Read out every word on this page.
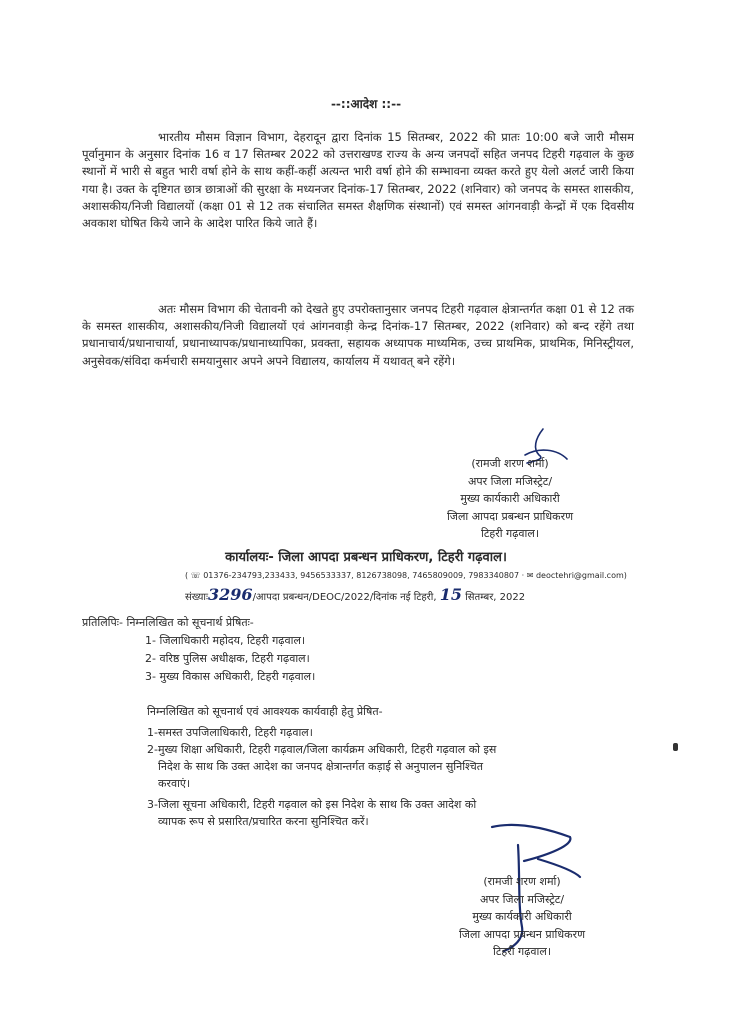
--::आदेश ::--

भारतीय मौसम विज्ञान विभाग, देहरादून द्वारा दिनांक 15 सितम्बर, 2022 की प्रातः 10:00 बजे जारी मौसम पूर्वानुमान के अनुसार दिनांक 16 व 17 सितम्बर 2022 को उत्तराखण्ड राज्य के अन्य जनपदों सहित जनपद टिहरी गढ़वाल के कुछ स्थानों में भारी से बहुत भारी वर्षा होने के साथ कहीं-कहीं अत्यन्त भारी वर्षा होने की सम्भावना व्यक्त करते हुए येलो अलर्ट जारी किया गया है। उक्त के दृष्टिगत छात्र छात्राओं की सुरक्षा के मध्यनजर दिनांक-17 सितम्बर, 2022 (शनिवार) को जनपद के समस्त शासकीय, अशासकीय/निजी विद्यालयों (कक्षा 01 से 12 तक संचालित समस्त शैक्षणिक संस्थानों) एवं समस्त आंगनवाड़ी केन्द्रों में एक दिवसीय अवकाश घोषित किये जाने के आदेश पारित किये जाते हैं।

अतः मौसम विभाग की चेतावनी को देखते हुए उपरोक्तानुसार जनपद टिहरी गढ़वाल क्षेत्रान्तर्गत कक्षा 01 से 12 तक के समस्त शासकीय, अशासकीय/निजी विद्यालयों एवं आंगनवाड़ी केन्द्र दिनांक-17 सितम्बर, 2022 (शनिवार) को बन्द रहेंगे तथा प्रधानाचार्य/प्रधानाचार्या, प्रधानाध्यापक/प्रधानाध्यापिका, प्रवक्ता, सहायक अध्यापक माध्यमिक, उच्च प्राथमिक, प्राथमिक, मिनिस्ट्रीयल, अनुसेवक/संविदा कर्मचारी समयानुसार अपने अपने विद्यालय, कार्यालय में यथावत् बने रहेंगे।

(रामजी शरण शर्मा)
अपर जिला मजिस्ट्रेट/
मुख्य कार्यकारी अधिकारी
जिला आपदा प्रबन्धन प्राधिकरण
टिहरी गढ़वाल।
कार्यालयः- जिला आपदा प्रबन्धन प्राधिकरण, टिहरी गढ़वाल।
( ☏ 01376-234793,233433, 9456533337, 8126738098, 7465809009, 7983340807 · ✉ deoctehri@gmail.com)
संख्याः3296/आपदा प्रबन्धन/DEOC/2022/दिनांक नई टिहरी, 15 सितम्बर, 2022
प्रतिलिपिः- निम्नलिखित को सूचनार्थ प्रेषितः-
1- जिलाधिकारी महोदय, टिहरी गढ़वाल।
2- वरिष्ठ पुलिस अधीक्षक, टिहरी गढ़वाल।
3- मुख्य विकास अधिकारी, टिहरी गढ़वाल।
निम्नलिखित को सूचनार्थ एवं आवश्यक कार्यवाही हेतु प्रेषित-
1-समस्त उपजिलाधिकारी, टिहरी गढ़वाल।
2-मुख्य शिक्षा अधिकारी, टिहरी गढ़वाल/जिला कार्यक्रम अधिकारी, टिहरी गढ़वाल को इस
निदेश के साथ कि उक्त आदेश का जनपद क्षेत्रान्तर्गत कड़ाई से अनुपालन सुनिश्चित
करवाएं।
3-जिला सूचना अधिकारी, टिहरी गढ़वाल को इस निदेश के साथ कि उक्त आदेश को
व्यापक रूप से प्रसारित/प्रचारित करना सुनिश्चित करें।
(रामजी शरण शर्मा)
अपर जिला मजिस्ट्रेट/
मुख्य कार्यकारी अधिकारी
जिला आपदा प्रबन्धन प्राधिकरण
टिहरी गढ़वाल।
